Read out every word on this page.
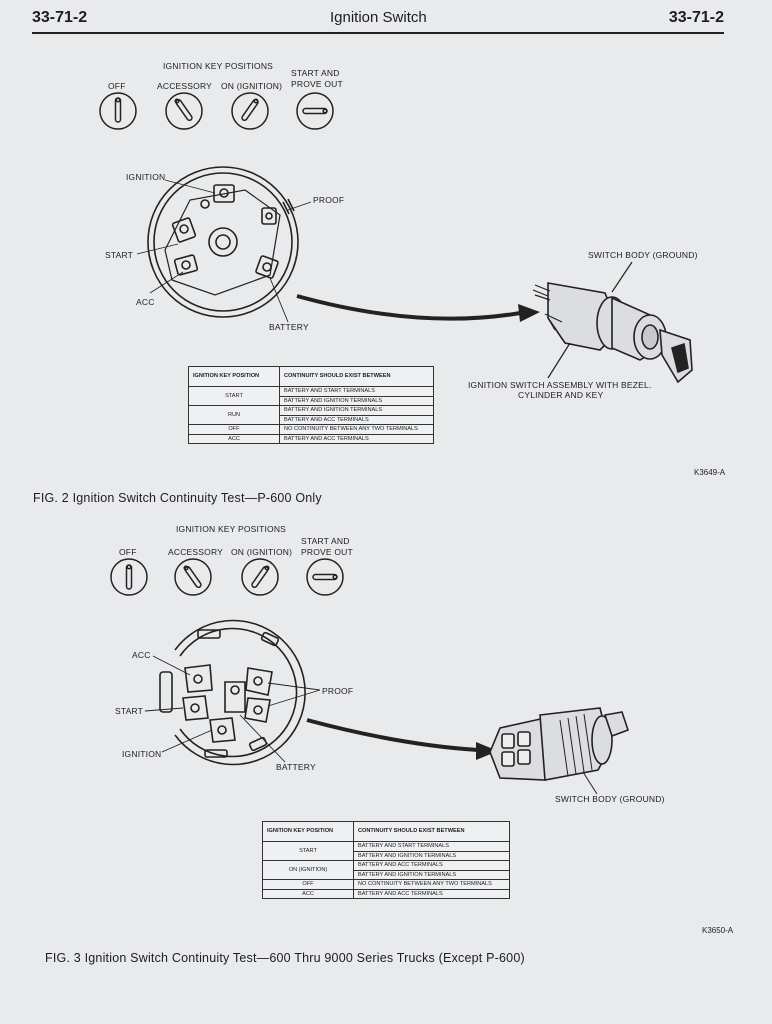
33-71-2	Ignition Switch	33-71-2
IGNITION KEY POSITIONS
OFF	ACCESSORY ON (IGNITION)
START AND
PROVE OUT
IGNITION
PROOF
START
ACC
BATTERY
SWITCH BODY (GROUND)
IGNITION SWITCH ASSEMBLY WITH BEZEL.
CYLINDER AND KEY
IGNITION KEY POSITION	CONTINUITY SHOULD EXIST BETWEEN
START	BATTERY AND START TERMINALS
BATTERY AND IGNITION TERMINALS

RUN	BATTERY AND IGNITION TERMINALS
BATTERY AND ACC TERMINALS

OFF	NO CONTINUITY BETWEEN ANY TWO TERMINALS
ACC	BATTERY AND ACC TERMINALS
K3649-A
FIG. 2 Ignition Switch Continuity Test—P-600 Only
IGNITION KEY POSITIONS
OFF	ACCESSORY ON (IGNITION)
START AND
PROVE OUT
ACC
PROOF
START
IGNITION
BATTERY
SWITCH BODY (GROUND)
IGNITION KEY POSITION	CONTINUITY SHOULD EXIST BETWEEN
START	BATTERY AND START TERMINALS
BATTERY AND IGNITION TERMINALS

ON (IGNITION)	BATTERY AND ACC TERMINALS
BATTERY AND IGNITION TERMINALS

OFF	NO CONTINUITY BETWEEN ANY TWO TERMINALS
ACC	BATTERY AND ACC TERMINALS
K3650-A
FIG. 3 Ignition Switch Continuity Test—600 Thru 9000 Series Trucks (Except P-600)
